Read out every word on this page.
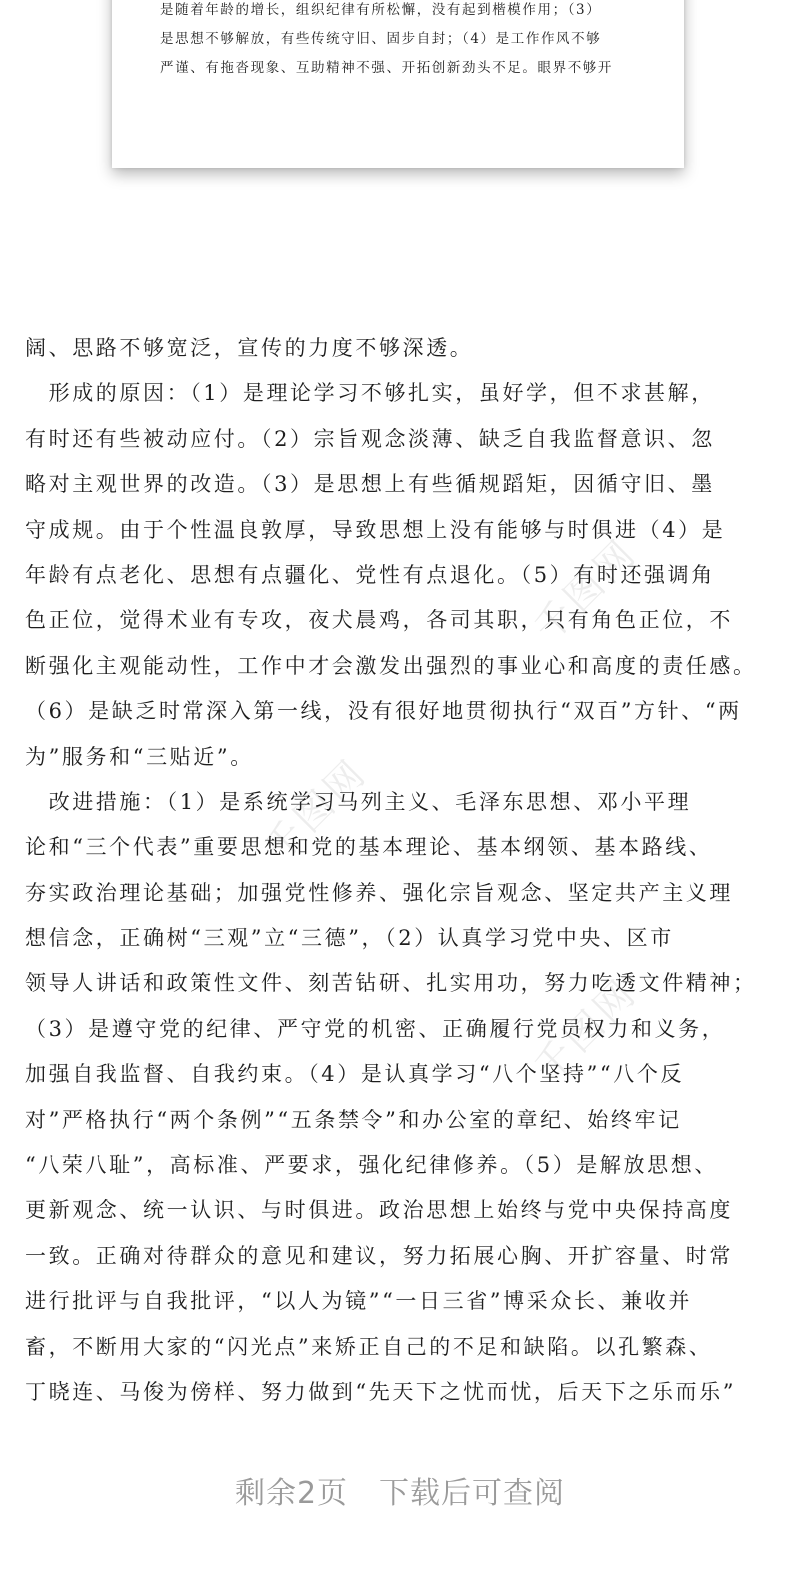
是随着年龄的增长，组织纪律有所松懈，没有起到楷模作用；（3）
是思想不够解放，有些传统守旧、固步自封；（4）是工作作风不够
严谨、有拖沓现象、互助精神不强、开拓创新劲头不足。眼界不够开
千图网
千图网
千图网
阔、思路不够宽泛，宣传的力度不够深透。
　形成的原因：（1）是理论学习不够扎实，虽好学，但不求甚解，
有时还有些被动应付。（2）宗旨观念淡薄、缺乏自我监督意识、忽
略对主观世界的改造。（3）是思想上有些循规蹈矩，因循守旧、墨
守成规。由于个性温良敦厚，导致思想上没有能够与时俱进（4）是
年龄有点老化、思想有点疆化、党性有点退化。（5）有时还强调角
色正位，觉得术业有专攻，夜犬晨鸡，各司其职，只有角色正位，不
断强化主观能动性，工作中才会激发出强烈的事业心和高度的责任感。
（6）是缺乏时常深入第一线，没有很好地贯彻执行“双百”方针、“两
为”服务和“三贴近”。
　改进措施：（1）是系统学习马列主义、毛泽东思想、邓小平理
论和“三个代表”重要思想和党的基本理论、基本纲领、基本路线、
夯实政治理论基础；加强党性修养、强化宗旨观念、坚定共产主义理
想信念，正确树“三观”立“三德”，（2）认真学习党中央、区市
领导人讲话和政策性文件、刻苦钻研、扎实用功，努力吃透文件精神；
（3）是遵守党的纪律、严守党的机密、正确履行党员权力和义务，
加强自我监督、自我约束。（4）是认真学习“八个坚持”“八个反
对”严格执行“两个条例”“五条禁令”和办公室的章纪、始终牢记
“八荣八耻”，高标准、严要求，强化纪律修养。（5）是解放思想、
更新观念、统一认识、与时俱进。政治思想上始终与党中央保持高度
一致。正确对待群众的意见和建议，努力拓展心胸、开扩容量、时常
进行批评与自我批评，“以人为镜”“一日三省”博采众长、兼收并
畜，不断用大家的“闪光点”来矫正自己的不足和缺陷。以孔繁森、
丁晓连、马俊为傍样、努力做到“先天下之忧而忧，后天下之乐而乐”
剩余2页　下载后可查阅
